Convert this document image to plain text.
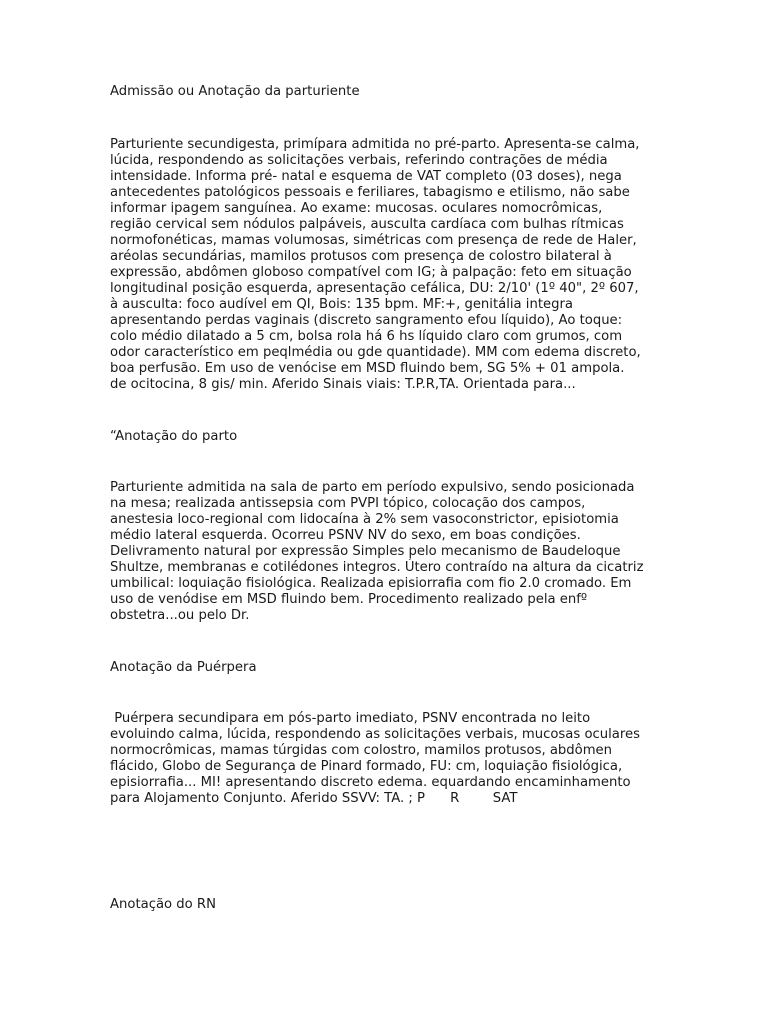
Admissão ou Anotação da parturiente
Parturiente secundigesta, primípara admitida no pré-parto. Apresenta-se calma,
lúcida, respondendo as solicitações verbais, referindo contrações de média
intensidade. Informa pré- natal e esquema de VAT completo (03 doses), nega
antecedentes patológicos pessoais e feriliares, tabagismo e etilismo, não sabe
informar ipagem sanguínea. Ao exame: mucosas. oculares nomocrômicas,
região cervical sem nódulos palpáveis, ausculta cardíaca com bulhas rítmicas
normofonéticas, mamas volumosas, simétricas com presença de rede de Haler,
aréolas secundárias, mamilos protusos com presença de colostro bilateral à
expressão, abdômen globoso compatível com IG; à palpação: feto em situação
longitudinal posição esquerda, apresentação cefálica, DU: 2/10' (1º 40", 2º 607,
à ausculta: foco audível em QI, Bois: 135 bpm. MF:+, genitália integra
apresentando perdas vaginais (discreto sangramento efou líquido), Ao toque:
colo médio dilatado a 5 cm, bolsa rola há 6 hs líquido claro com grumos, com
odor característico em peqlmédia ou gde quantidade). MM com edema discreto,
boa perfusão. Em uso de venócise em MSD fluindo bem, SG 5% + 01 ampola.
de ocitocina, 8 gis/ min. Aferido Sinais viais: T.P.R,TA. Orientada para...
“Anotação do parto
Parturiente admitida na sala de parto em período expulsivo, sendo posicionada
na mesa; realizada antissepsia com PVPI tópico, colocação dos campos,
anestesia loco-regional com lidocaína à 2% sem vasoconstrictor, episiotomia
médio lateral esquerda. Ocorreu PSNV NV do sexo, em boas condições.
Delivramento natural por expressão Simples pelo mecanismo de Baudeloque
Shultze, membranas e cotilédones integros. Útero contraído na altura da cicatriz
umbilical: loquiação fisiológica. Realizada episiorrafia com fio 2.0 cromado. Em
uso de venódise em MSD fluindo bem. Procedimento realizado pela enfº
obstetra...ou pelo Dr.
Anotação da Puérpera
Puérpera secundipara em pós-parto imediato, PSNV encontrada no leito
evoluindo calma, lúcida, respondendo as solicitações verbais, mucosas oculares
normocrômicas, mamas túrgidas com colostro, mamilos protusos, abdômen
flácido, Globo de Segurança de Pinard formado, FU: cm, loquiação fisiológica,
episiorrafia... MI! apresentando discreto edema. equardando encaminhamento
para Alojamento Conjunto. Aferido SSVV: TA. ; P      R        SAT
Anotação do RN
